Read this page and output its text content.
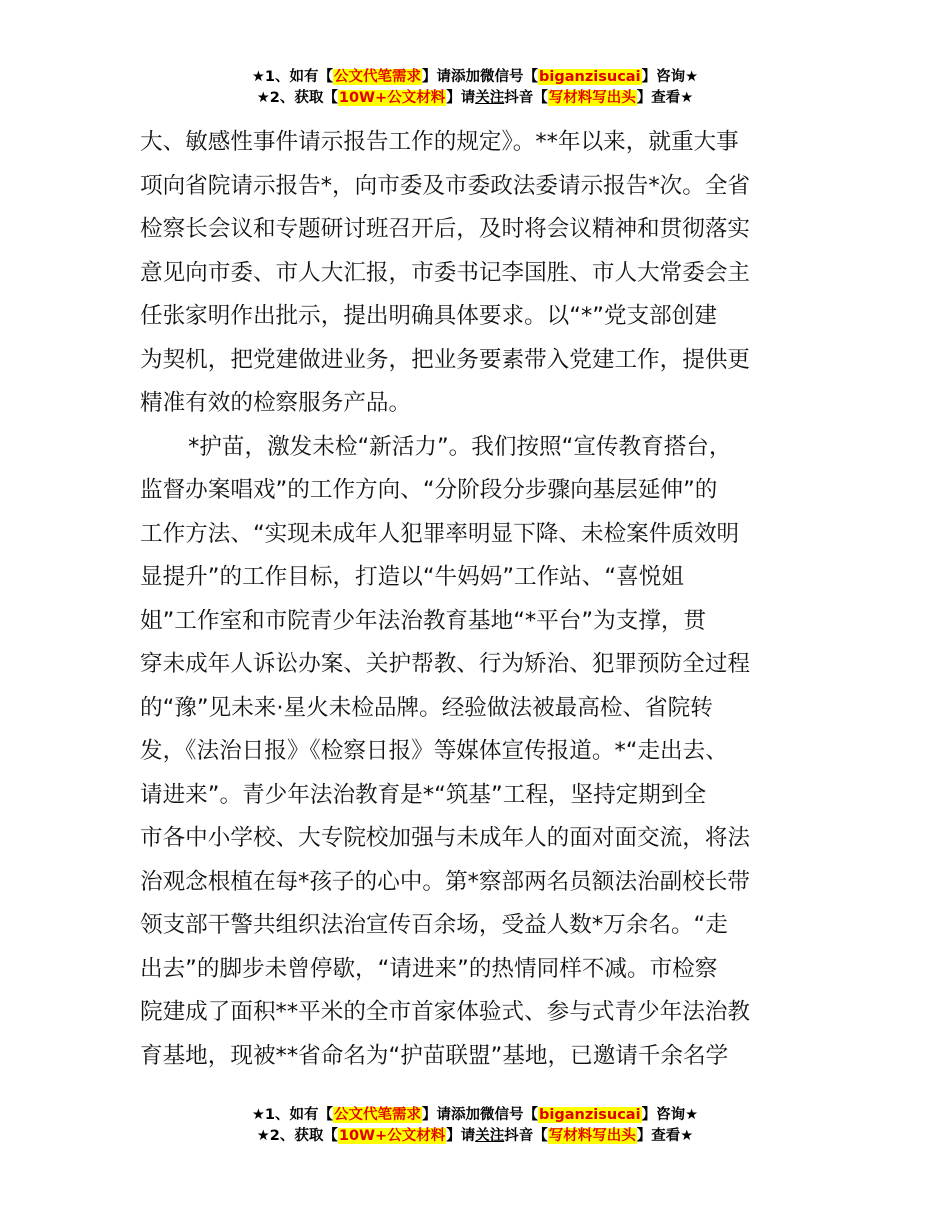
★1、如有【公文代笔需求】请添加微信号【biganzisucai】咨询★
★2、获取【10W+公文材料】请关注抖音【写材料写出头】查看★
大、敏感性事件请示报告工作的规定》。**年以来，就重大事
项向省院请示报告*，向市委及市委政法委请示报告*次。全省
检察长会议和专题研讨班召开后，及时将会议精神和贯彻落实
意见向市委、市人大汇报，市委书记李国胜、市人大常委会主
任张家明作出批示，提出明确具体要求。以“*”党支部创建
为契机，把党建做进业务，把业务要素带入党建工作，提供更
精准有效的检察服务产品。
*护苗，激发未检“新活力”。我们按照“宣传教育搭台，
监督办案唱戏”的工作方向、“分阶段分步骤向基层延伸”的
工作方法、“实现未成年人犯罪率明显下降、未检案件质效明
显提升”的工作目标，打造以“牛妈妈”工作站、“喜悦姐
姐”工作室和市院青少年法治教育基地“*平台”为支撑，贯
穿未成年人诉讼办案、关护帮教、行为矫治、犯罪预防全过程
的“豫”见未来·星火未检品牌。经验做法被最高检、省院转
发，《法治日报》《检察日报》等媒体宣传报道。*“走出去、
请进来”。青少年法治教育是*“筑基”工程，坚持定期到全
市各中小学校、大专院校加强与未成年人的面对面交流，将法
治观念根植在每*孩子的心中。第*察部两名员额法治副校长带
领支部干警共组织法治宣传百余场，受益人数*万余名。“走
出去”的脚步未曾停歇，“请进来”的热情同样不减。市检察
院建成了面积**平米的全市首家体验式、参与式青少年法治教
育基地，现被**省命名为“护苗联盟”基地，已邀请千余名学
★1、如有【公文代笔需求】请添加微信号【biganzisucai】咨询★
★2、获取【10W+公文材料】请关注抖音【写材料写出头】查看★
